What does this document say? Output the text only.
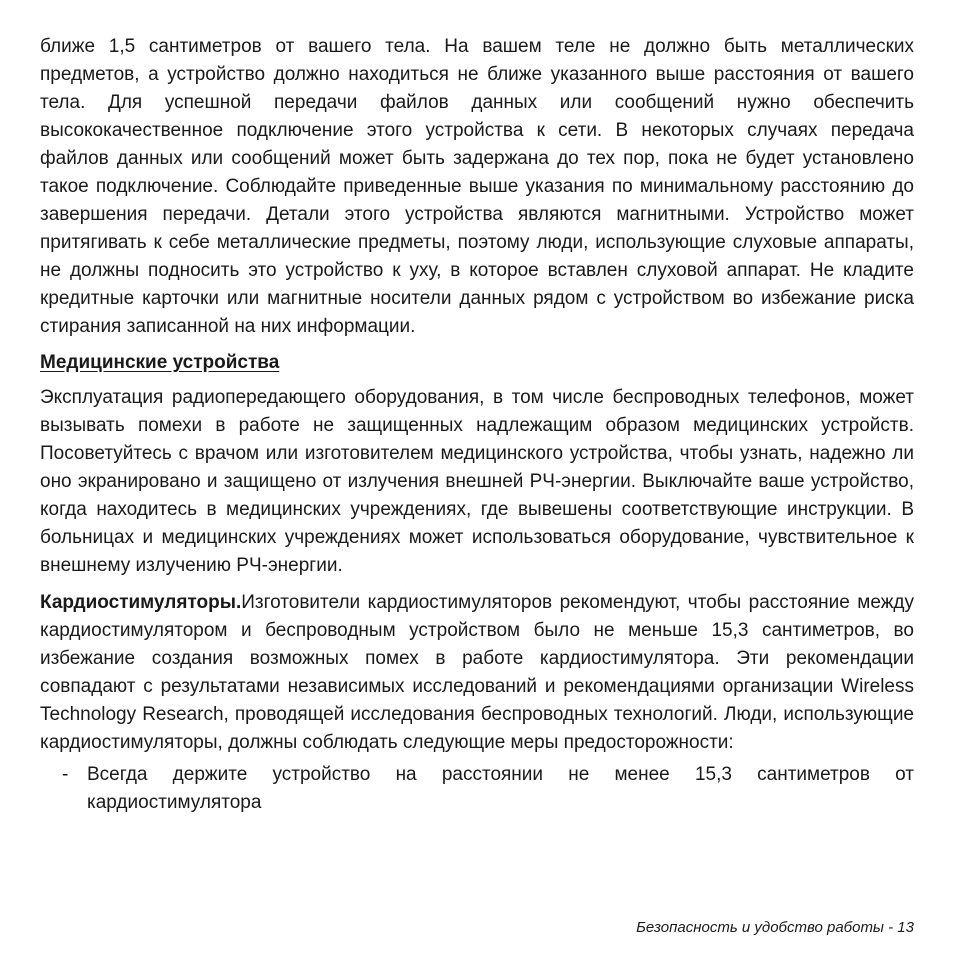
ближе 1,5 сантиметров от вашего тела. На вашем теле не должно быть металлических предметов, а устройство должно находиться не ближе указанного выше расстояния от вашего тела. Для успешной передачи файлов данных или сообщений нужно обеспечить высококачественное подключение этого устройства к сети. В некоторых случаях передача файлов данных или сообщений может быть задержана до тех пор, пока не будет установлено такое подключение. Соблюдайте приведенные выше указания по минимальному расстоянию до завершения передачи. Детали этого устройства являются магнитными. Устройство может притягивать к себе металлические предметы, поэтому люди, использующие слуховые аппараты, не должны подносить это устройство к уху, в которое вставлен слуховой аппарат. Не кладите кредитные карточки или магнитные носители данных рядом с устройством во избежание риска стирания записанной на них информации.

Медицинские устройства

Эксплуатация радиопередающего оборудования, в том числе беспроводных телефонов, может вызывать помехи в работе не защищенных надлежащим образом медицинских устройств. Посоветуйтесь с врачом или изготовителем медицинского устройства, чтобы узнать, надежно ли оно экранировано и защищено от излучения внешней РЧ-энергии. Выключайте ваше устройство, когда находитесь в медицинских учреждениях, где вывешены соответствующие инструкции. В больницах и медицинских учреждениях может использоваться оборудование, чувствительное к внешнему излучению РЧ-энергии.

Кардиостимуляторы.Изготовители кардиостимуляторов рекомендуют, чтобы расстояние между кардиостимулятором и беспроводным устройством было не меньше 15,3 сантиметров, во избежание создания возможных помех в работе кардиостимулятора. Эти рекомендации совпадают с результатами независимых исследований и рекомендациями организации Wireless Technology Research, проводящей исследования беспроводных технологий. Люди, использующие кардиостимуляторы, должны соблюдать следующие меры предосторожности:

- Всегда держите устройство на расстоянии не менее 15,3 сантиметров от кардиостимулятора

Безопасность и удобство работы - 13
